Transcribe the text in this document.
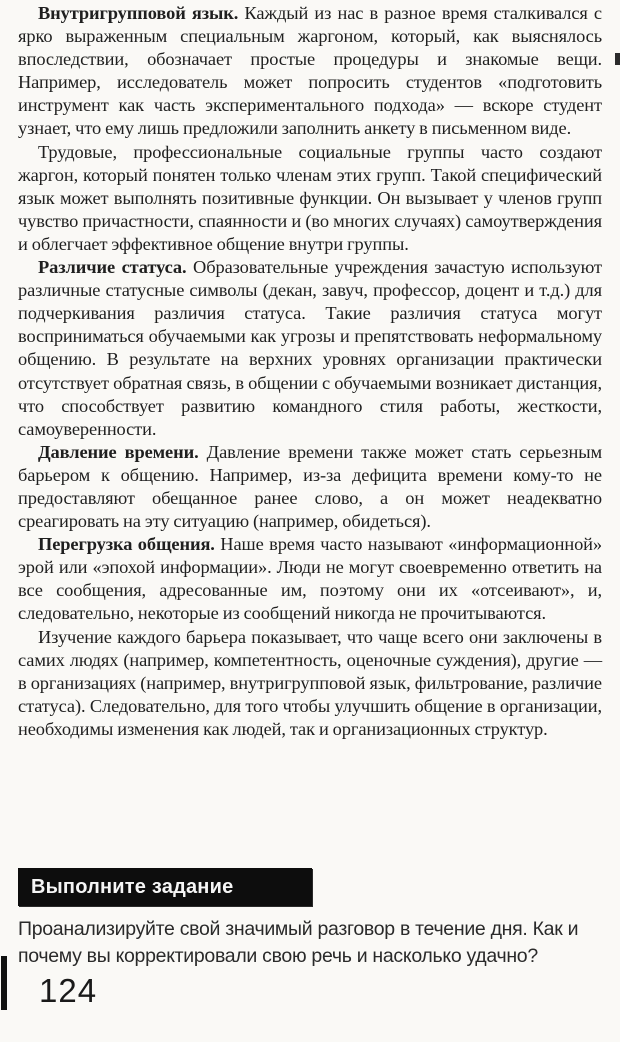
Внутригрупповой язык. Каждый из нас в разное время сталкивался с ярко выраженным специальным жаргоном, который, как выяснялось впоследствии, обозначает простые процедуры и знакомые вещи. Например, исследователь может попросить студентов «подготовить инструмент как часть экспериментального подхода» — вскоре студент узнает, что ему лишь предложили заполнить анкету в письменном виде.

Трудовые, профессиональные социальные группы часто создают жаргон, который понятен только членам этих групп. Такой специфический язык может выполнять позитивные функции. Он вызывает у членов групп чувство причастности, спаянности и (во многих случаях) самоутверждения и облегчает эффективное общение внутри группы.

Различие статуса. Образовательные учреждения зачастую используют различные статусные символы (декан, завуч, профессор, доцент и т.д.) для подчеркивания различия статуса. Такие различия статуса могут восприниматься обучаемыми как угрозы и препятствовать неформальному общению. В результате на верхних уровнях организации практически отсутствует обратная связь, в общении с обучаемыми возникает дистанция, что способствует развитию командного стиля работы, жесткости, самоуверенности.

Давление времени. Давление времени также может стать серьезным барьером к общению. Например, из-за дефицита времени кому-то не предоставляют обещанное ранее слово, а он может неадекватно среагировать на эту ситуацию (например, обидеться).

Перегрузка общения. Наше время часто называют «информационной» эрой или «эпохой информации». Люди не могут своевременно ответить на все сообщения, адресованные им, поэтому они их «отсеивают», и, следовательно, некоторые из сообщений никогда не прочитываются.

Изучение каждого барьера показывает, что чаще всего они заключены в самих людях (например, компетентность, оценочные суждения), другие — в организациях (например, внутригрупповой язык, фильтрование, различие статуса). Следовательно, для того чтобы улучшить общение в организации, необходимы изменения как людей, так и организационных структур.

Выполните задание

Проанализируйте свой значимый разговор в течение дня. Как и почему вы корректировали свою речь и насколько удачно?

124
